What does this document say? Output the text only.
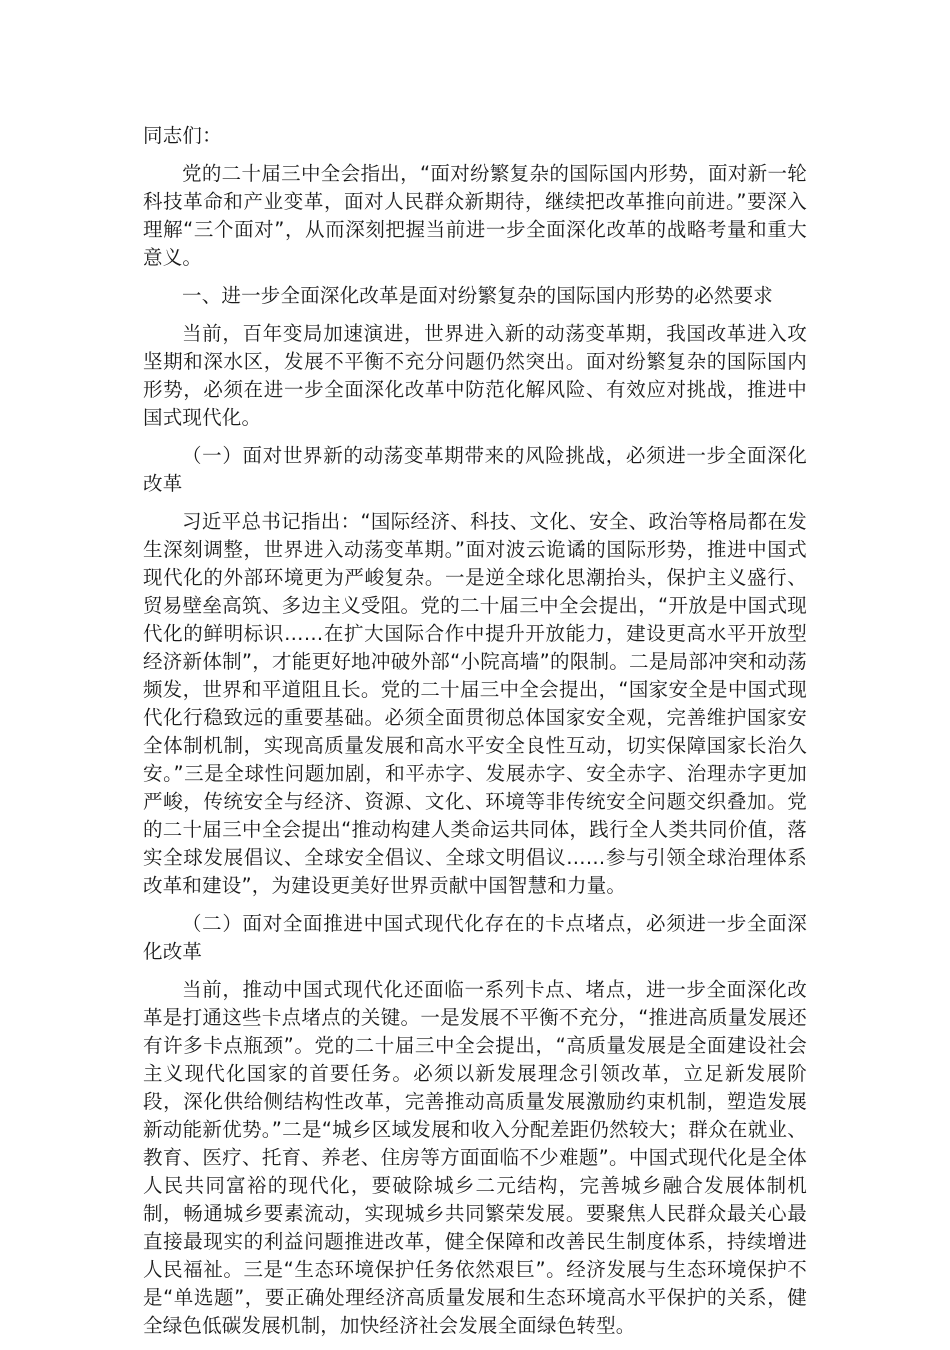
同志们：

党的二十届三中全会指出，“面对纷繁复杂的国际国内形势，面对新一轮科技革命和产业变革，面对人民群众新期待，继续把改革推向前进。”要深入理解“三个面对”，从而深刻把握当前进一步全面深化改革的战略考量和重大意义。

一、进一步全面深化改革是面对纷繁复杂的国际国内形势的必然要求

当前，百年变局加速演进，世界进入新的动荡变革期，我国改革进入攻坚期和深水区，发展不平衡不充分问题仍然突出。面对纷繁复杂的国际国内形势，必须在进一步全面深化改革中防范化解风险、有效应对挑战，推进中国式现代化。

（一）面对世界新的动荡变革期带来的风险挑战，必须进一步全面深化改革

习近平总书记指出：“国际经济、科技、文化、安全、政治等格局都在发生深刻调整，世界进入动荡变革期。”面对波云诡谲的国际形势，推进中国式现代化的外部环境更为严峻复杂。一是逆全球化思潮抬头，保护主义盛行、贸易壁垒高筑、多边主义受阻。党的二十届三中全会提出，“开放是中国式现代化的鲜明标识……在扩大国际合作中提升开放能力，建设更高水平开放型经济新体制”，才能更好地冲破外部“小院高墙”的限制。二是局部冲突和动荡频发，世界和平道阻且长。党的二十届三中全会提出，“国家安全是中国式现代化行稳致远的重要基础。必须全面贯彻总体国家安全观，完善维护国家安全体制机制，实现高质量发展和高水平安全良性互动，切实保障国家长治久安。”三是全球性问题加剧，和平赤字、发展赤字、安全赤字、治理赤字更加严峻，传统安全与经济、资源、文化、环境等非传统安全问题交织叠加。党的二十届三中全会提出“推动构建人类命运共同体，践行全人类共同价值，落实全球发展倡议、全球安全倡议、全球文明倡议……参与引领全球治理体系改革和建设”，为建设更美好世界贡献中国智慧和力量。

（二）面对全面推进中国式现代化存在的卡点堵点，必须进一步全面深化改革

当前，推动中国式现代化还面临一系列卡点、堵点，进一步全面深化改革是打通这些卡点堵点的关键。一是发展不平衡不充分，“推进高质量发展还有许多卡点瓶颈”。党的二十届三中全会提出，“高质量发展是全面建设社会主义现代化国家的首要任务。必须以新发展理念引领改革，立足新发展阶段，深化供给侧结构性改革，完善推动高质量发展激励约束机制，塑造发展新动能新优势。”二是“城乡区域发展和收入分配差距仍然较大；群众在就业、教育、医疗、托育、养老、住房等方面面临不少难题”。中国式现代化是全体人民共同富裕的现代化，要破除城乡二元结构，完善城乡融合发展体制机制，畅通城乡要素流动，实现城乡共同繁荣发展。要聚焦人民群众最关心最直接最现实的利益问题推进改革，健全保障和改善民生制度体系，持续增进人民福祉。三是“生态环境保护任务依然艰巨”。经济发展与生态环境保护不是“单选题”，要正确处理经济高质量发展和生态环境高水平保护的关系，健全绿色低碳发展机制，加快经济社会发展全面绿色转型。
